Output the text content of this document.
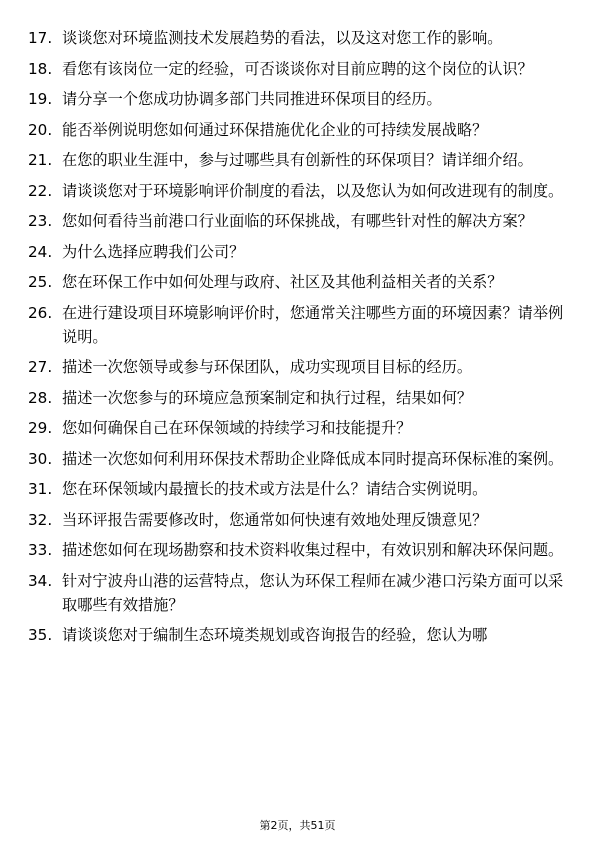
17. 谈谈您对环境监测技术发展趋势的看法，以及这对您工作的影响。
18. 看您有该岗位一定的经验，可否谈谈你对目前应聘的这个岗位的认识？
19. 请分享一个您成功协调多部门共同推进环保项目的经历。
20. 能否举例说明您如何通过环保措施优化企业的可持续发展战略？
21. 在您的职业生涯中，参与过哪些具有创新性的环保项目？请详细介绍。
22. 请谈谈您对于环境影响评价制度的看法，以及您认为如何改进现有的制度。
23. 您如何看待当前港口行业面临的环保挑战，有哪些针对性的解决方案？
24. 为什么选择应聘我们公司？
25. 您在环保工作中如何处理与政府、社区及其他利益相关者的关系？
26. 在进行建设项目环境影响评价时，您通常关注哪些方面的环境因素？请举例说明。
27. 描述一次您领导或参与环保团队，成功实现项目目标的经历。
28. 描述一次您参与的环境应急预案制定和执行过程，结果如何？
29. 您如何确保自己在环保领域的持续学习和技能提升？
30. 描述一次您如何利用环保技术帮助企业降低成本同时提高环保标准的案例。
31. 您在环保领域内最擅长的技术或方法是什么？请结合实例说明。
32. 当环评报告需要修改时，您通常如何快速有效地处理反馈意见？
33. 描述您如何在现场勘察和技术资料收集过程中，有效识别和解决环保问题。
34. 针对宁波舟山港的运营特点，您认为环保工程师在减少港口污染方面可以采取哪些有效措施？
35. 请谈谈您对于编制生态环境类规划或咨询报告的经验，您认为哪
第2页，共51页
